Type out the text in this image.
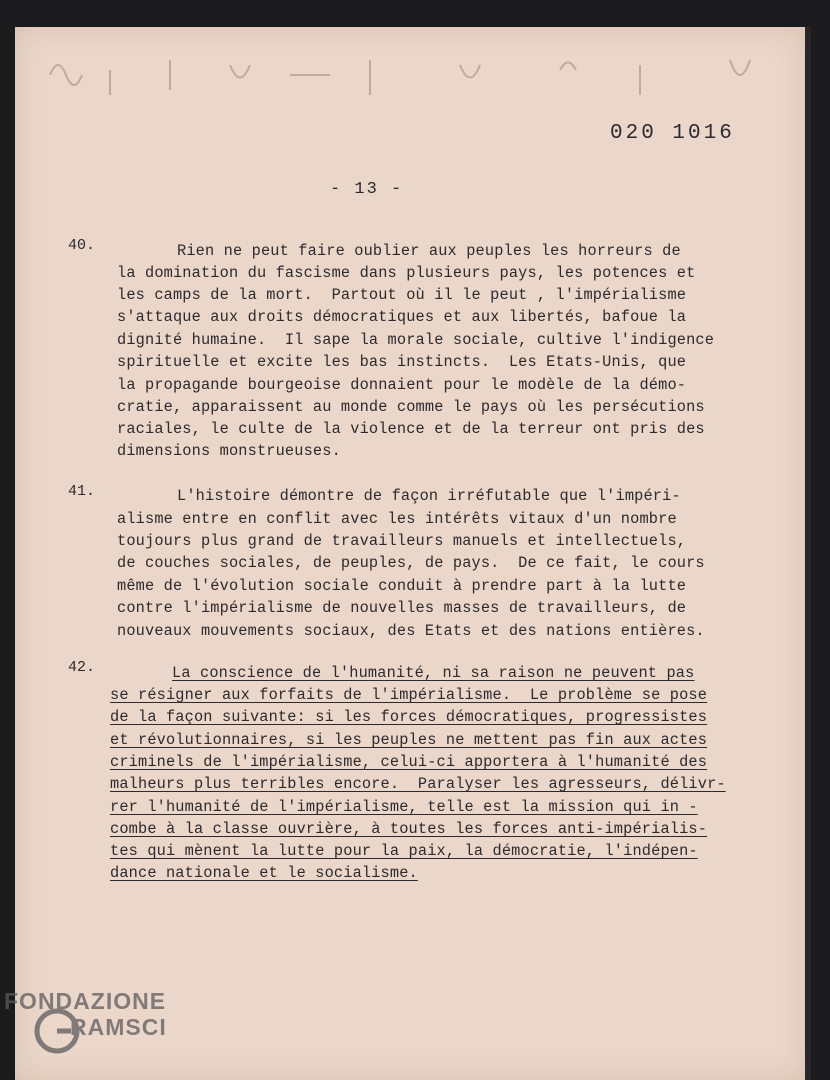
020 1016
- 13 -
40.	Rien ne peut faire oublier aux peuples les horreurs de
la domination du fascisme dans plusieurs pays, les potences et
les camps de la mort.  Partout où il le peut , l'impérialisme
s'attaque aux droits démocratiques et aux libertés, bafoue la
dignité humaine.  Il sape la morale sociale, cultive l'indigence
spirituelle et excite les bas instincts.  Les Etats-Unis, que
la propagande bourgeoise donnaient pour le modèle de la démo-
cratie, apparaissent au monde comme le pays où les persécutions
raciales, le culte de la violence et de la terreur ont pris des
dimensions monstrueuses.
41.	L'histoire démontre de façon irréfutable que l'impéri-
alisme entre en conflit avec les intérêts vitaux d'un nombre
toujours plus grand de travailleurs manuels et intellectuels,
de couches sociales, de peuples, de pays.  De ce fait, le cours
même de l'évolution sociale conduit à prendre part à la lutte
contre l'impérialisme de nouvelles masses de travailleurs, de
nouveaux mouvements sociaux, des Etats et des nations entières.
42.	La conscience de l'humanité, ni sa raison ne peuvent pas
se résigner aux forfaits de l'impérialisme.  Le problème se pose
de la façon suivante: si les forces démocratiques, progressistes
et révolutionnaires, si les peuples ne mettent pas fin aux actes
criminels de l'impérialisme, celui-ci apportera à l'humanité des
malheurs plus terribles encore.  Paralyser les agresseurs, délivr-
rer l'humanité de l'impérialisme, telle est la mission qui in -
combe à la classe ouvrière, à toutes les forces anti-impérialis-
tes qui mènent la lutte pour la paix, la démocratie, l'indépen-
dance nationale et le socialisme.
FONDAZIONE
RAMSCI
